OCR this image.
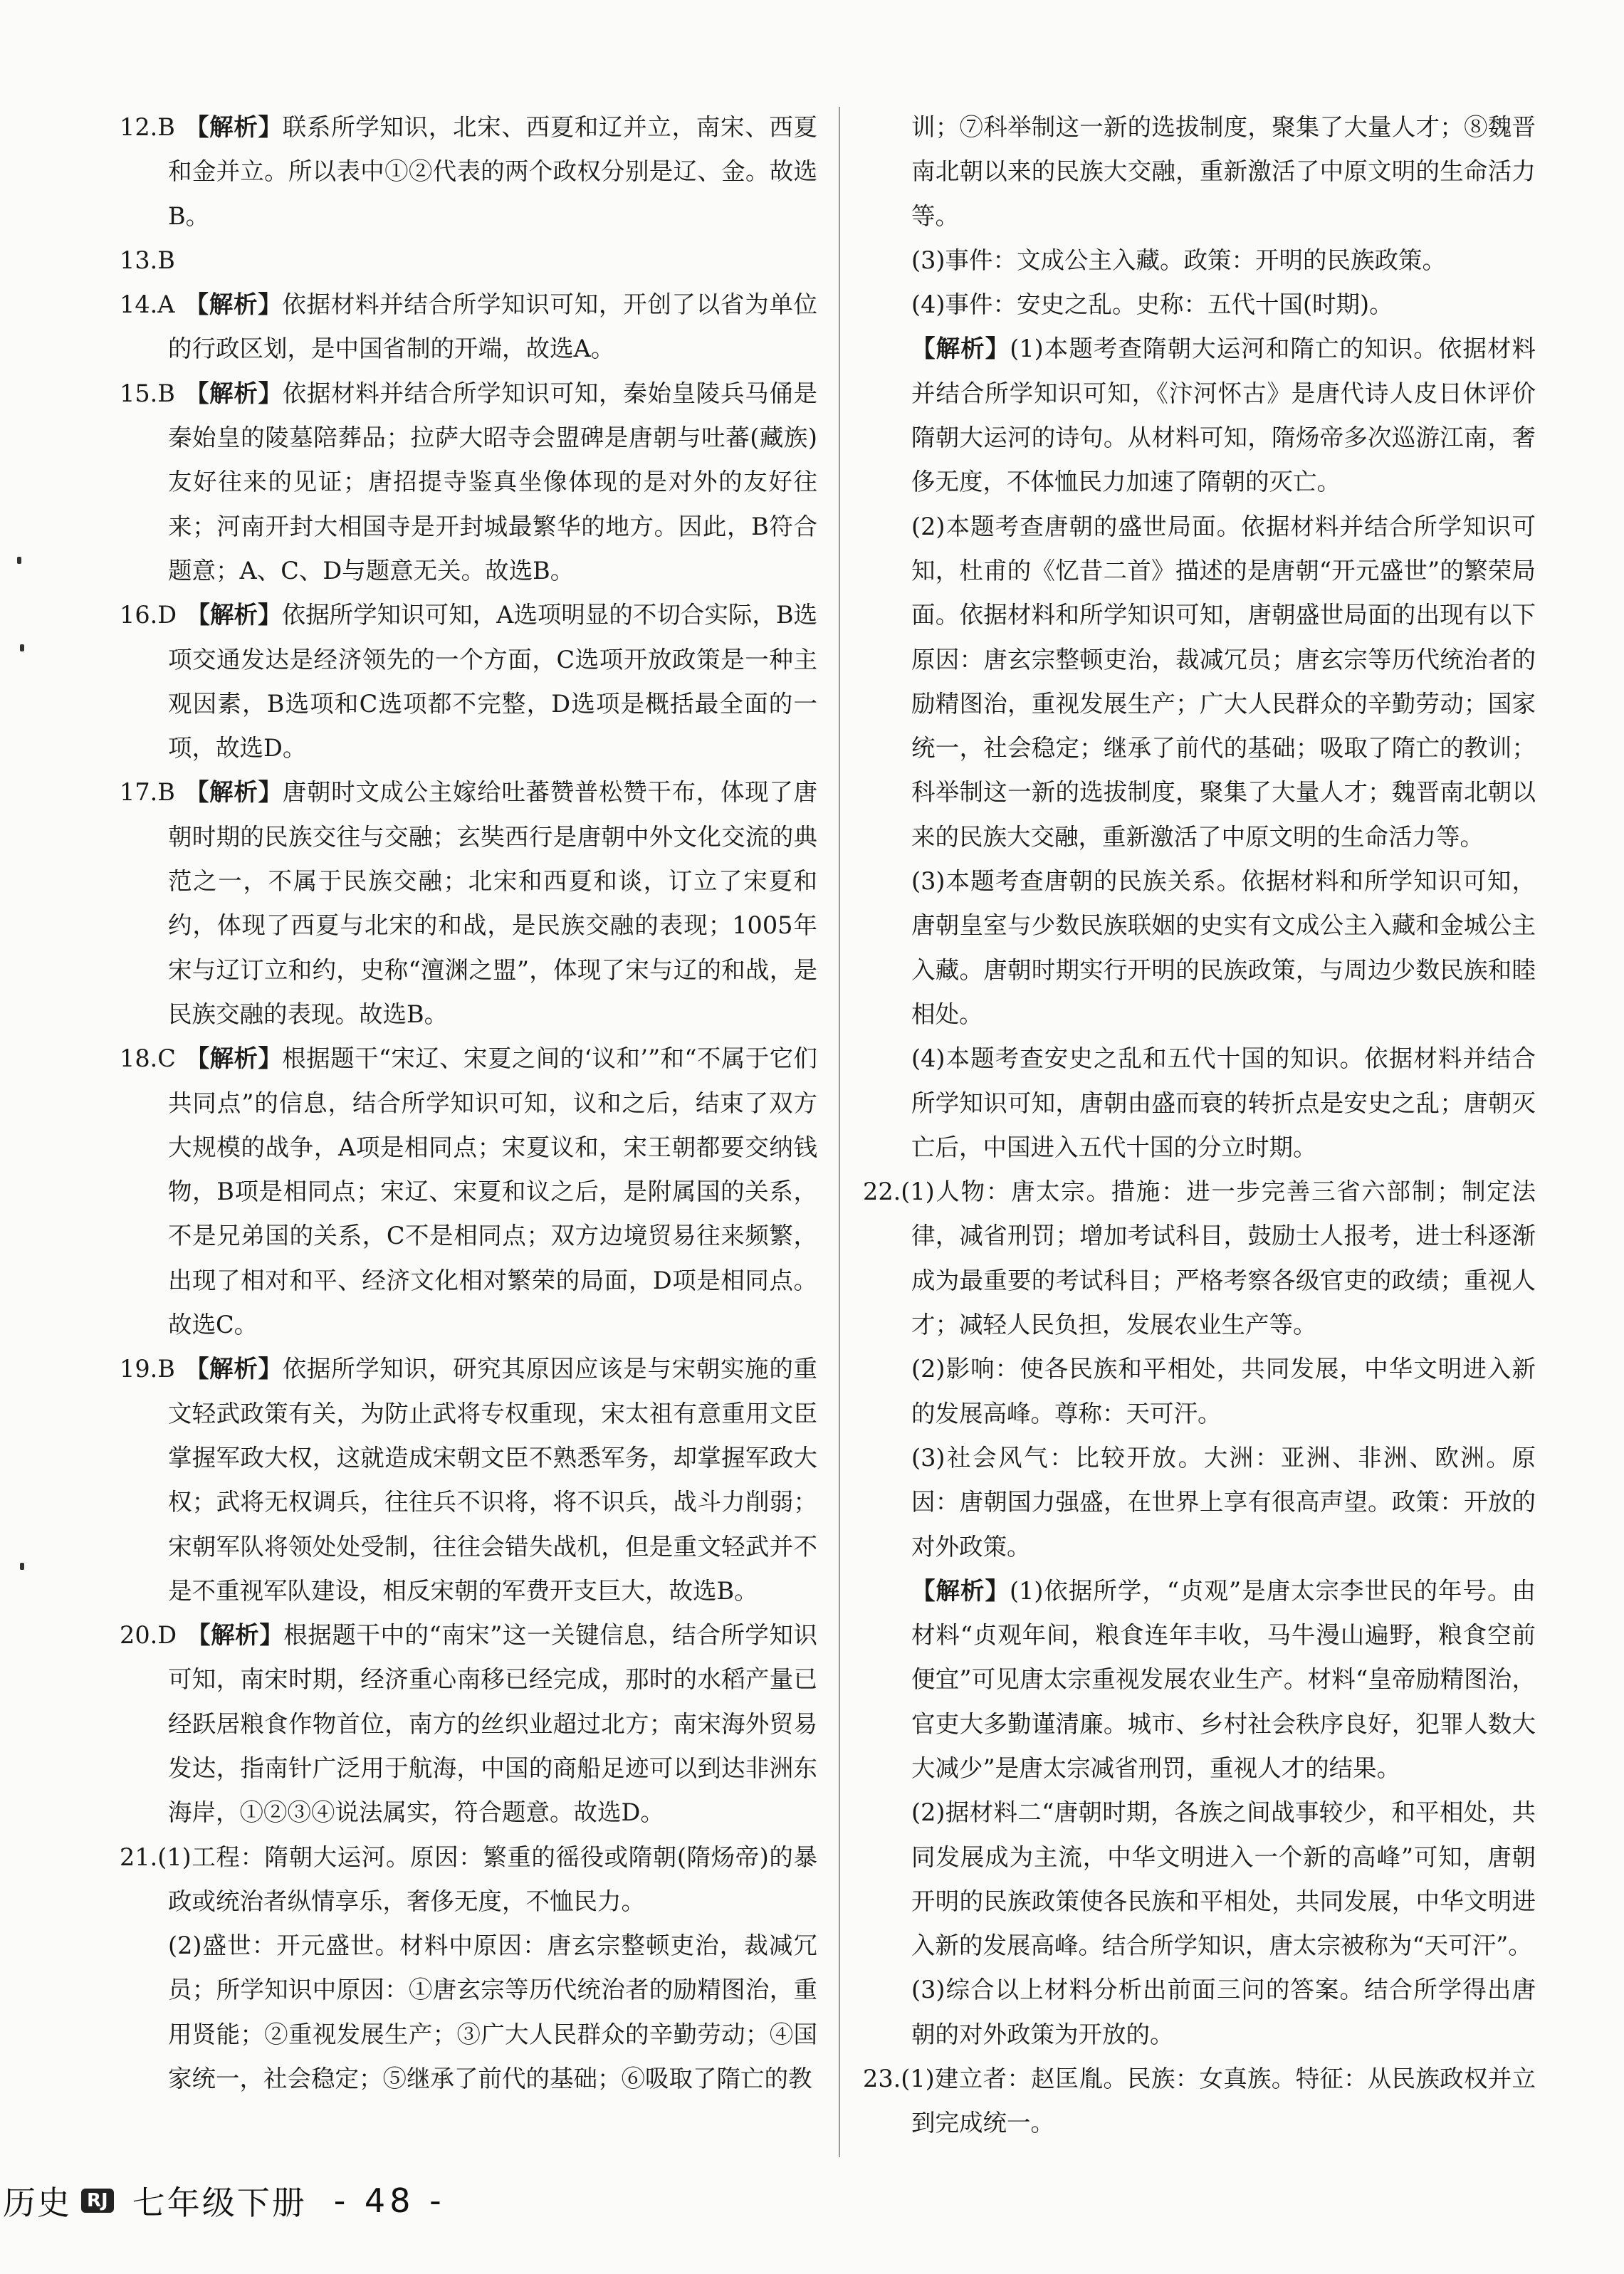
12.B 【解析】联系所学知识，北宋、西夏和辽并立，南宋、西夏和金并立。所以表中①②代表的两个政权分别是辽、金。故选B。

13.B

14.A 【解析】依据材料并结合所学知识可知，开创了以省为单位的行政区划，是中国省制的开端，故选A。

15.B 【解析】依据材料并结合所学知识可知，秦始皇陵兵马俑是秦始皇的陵墓陪葬品；拉萨大昭寺会盟碑是唐朝与吐蕃(藏族)友好往来的见证；唐招提寺鉴真坐像体现的是对外的友好往来；河南开封大相国寺是开封城最繁华的地方。因此，B符合题意；A、C、D与题意无关。故选B。

16.D 【解析】依据所学知识可知，A选项明显的不切合实际，B选项交通发达是经济领先的一个方面，C选项开放政策是一种主观因素，B选项和C选项都不完整，D选项是概括最全面的一项，故选D。

17.B 【解析】唐朝时文成公主嫁给吐蕃赞普松赞干布，体现了唐朝时期的民族交往与交融；玄奘西行是唐朝中外文化交流的典范之一，不属于民族交融；北宋和西夏和谈，订立了宋夏和约，体现了西夏与北宋的和战，是民族交融的表现；1005年宋与辽订立和约，史称“澶渊之盟”，体现了宋与辽的和战，是民族交融的表现。故选B。

18.C 【解析】根据题干“宋辽、宋夏之间的‘议和’”和“不属于它们共同点”的信息，结合所学知识可知，议和之后，结束了双方大规模的战争，A项是相同点；宋夏议和，宋王朝都要交纳钱物，B项是相同点；宋辽、宋夏和议之后，是附属国的关系，不是兄弟国的关系，C不是相同点；双方边境贸易往来频繁，出现了相对和平、经济文化相对繁荣的局面，D项是相同点。故选C。

19.B 【解析】依据所学知识，研究其原因应该是与宋朝实施的重文轻武政策有关，为防止武将专权重现，宋太祖有意重用文臣掌握军政大权，这就造成宋朝文臣不熟悉军务，却掌握军政大权；武将无权调兵，往往兵不识将，将不识兵，战斗力削弱；宋朝军队将领处处受制，往往会错失战机，但是重文轻武并不是不重视军队建设，相反宋朝的军费开支巨大，故选B。

20.D 【解析】根据题干中的“南宋”这一关键信息，结合所学知识可知，南宋时期，经济重心南移已经完成，那时的水稻产量已经跃居粮食作物首位，南方的丝织业超过北方；南宋海外贸易发达，指南针广泛用于航海，中国的商船足迹可以到达非洲东海岸，①②③④说法属实，符合题意。故选D。

21.(1)工程：隋朝大运河。原因：繁重的徭役或隋朝(隋炀帝)的暴政或统治者纵情享乐，奢侈无度，不恤民力。

(2)盛世：开元盛世。材料中原因：唐玄宗整顿吏治，裁减冗员；所学知识中原因：①唐玄宗等历代统治者的励精图治，重用贤能；②重视发展生产；③广大人民群众的辛勤劳动；④国家统一，社会稳定；⑤继承了前代的基础；⑥吸取了隋亡的教

训；⑦科举制这一新的选拔制度，聚集了大量人才；⑧魏晋南北朝以来的民族大交融，重新激活了中原文明的生命活力等。

(3)事件：文成公主入藏。政策：开明的民族政策。

(4)事件：安史之乱。史称：五代十国(时期)。

【解析】(1)本题考查隋朝大运河和隋亡的知识。依据材料并结合所学知识可知，《汴河怀古》是唐代诗人皮日休评价隋朝大运河的诗句。从材料可知，隋炀帝多次巡游江南，奢侈无度，不体恤民力加速了隋朝的灭亡。

(2)本题考查唐朝的盛世局面。依据材料并结合所学知识可知，杜甫的《忆昔二首》描述的是唐朝“开元盛世”的繁荣局面。依据材料和所学知识可知，唐朝盛世局面的出现有以下原因：唐玄宗整顿吏治，裁减冗员；唐玄宗等历代统治者的励精图治，重视发展生产；广大人民群众的辛勤劳动；国家统一，社会稳定；继承了前代的基础；吸取了隋亡的教训；科举制这一新的选拔制度，聚集了大量人才；魏晋南北朝以来的民族大交融，重新激活了中原文明的生命活力等。

(3)本题考查唐朝的民族关系。依据材料和所学知识可知，唐朝皇室与少数民族联姻的史实有文成公主入藏和金城公主入藏。唐朝时期实行开明的民族政策，与周边少数民族和睦相处。

(4)本题考查安史之乱和五代十国的知识。依据材料并结合所学知识可知，唐朝由盛而衰的转折点是安史之乱；唐朝灭亡后，中国进入五代十国的分立时期。

22.(1)人物：唐太宗。措施：进一步完善三省六部制；制定法律，减省刑罚；增加考试科目，鼓励士人报考，进士科逐渐成为最重要的考试科目；严格考察各级官吏的政绩；重视人才；减轻人民负担，发展农业生产等。

(2)影响：使各民族和平相处，共同发展，中华文明进入新的发展高峰。尊称：天可汗。

(3)社会风气：比较开放。大洲：亚洲、非洲、欧洲。原因：唐朝国力强盛，在世界上享有很高声望。政策：开放的对外政策。

【解析】(1)依据所学，“贞观”是唐太宗李世民的年号。由材料“贞观年间，粮食连年丰收，马牛漫山遍野，粮食空前便宜”可见唐太宗重视发展农业生产。材料“皇帝励精图治，官吏大多勤谨清廉。城市、乡村社会秩序良好，犯罪人数大大减少”是唐太宗减省刑罚，重视人才的结果。

(2)据材料二“唐朝时期，各族之间战事较少，和平相处，共同发展成为主流，中华文明进入一个新的高峰”可知，唐朝开明的民族政策使各民族和平相处，共同发展，中华文明进入新的发展高峰。结合所学知识，唐太宗被称为“天可汗”。

(3)综合以上材料分析出前面三问的答案。结合所学得出唐朝的对外政策为开放的。

23.(1)建立者：赵匡胤。民族：女真族。特征：从民族政权并立到完成统一。

历史 RJ 七年级下册 - 48 -
